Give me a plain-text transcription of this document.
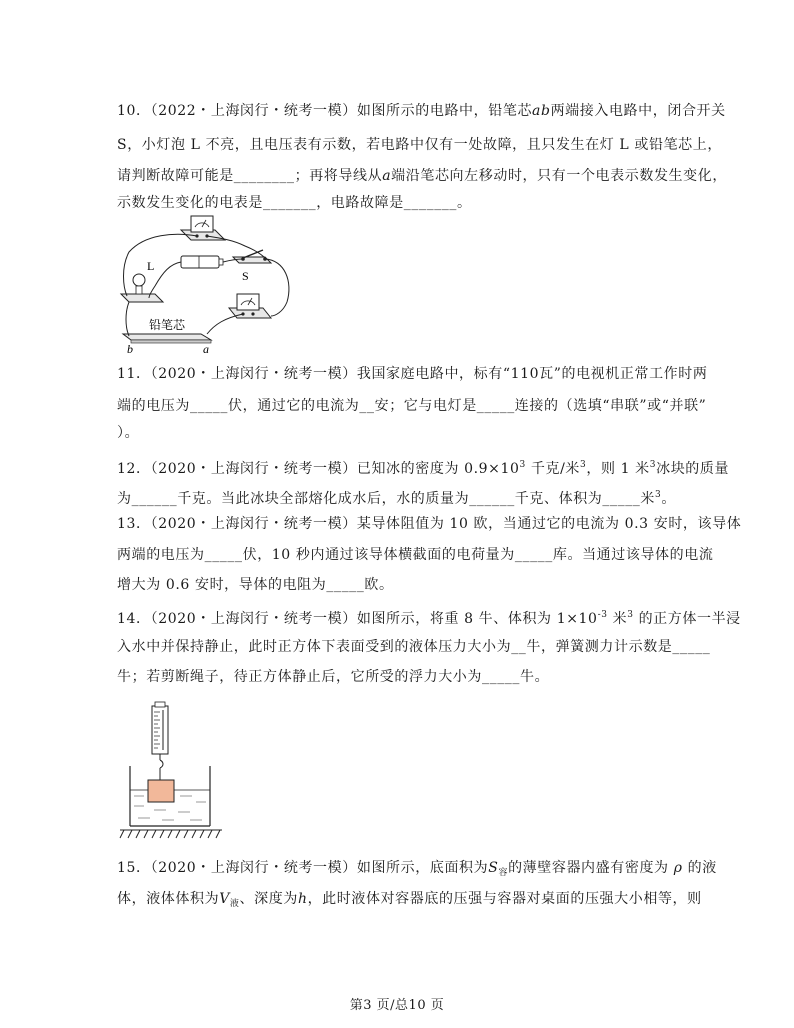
10．（2022・上海闵行・统考一模）如图所示的电路中，铅笔芯ab两端接入电路中，闭合开关
S，小灯泡 L 不亮，且电压表有示数，若电路中仅有一处故障，且只发生在灯 L 或铅笔芯上，
请判断故障可能是________；再将导线从a端沿笔芯向左移动时，只有一个电表示数发生变化，
示数发生变化的电表是_______，电路故障是_______。
S
L
铅笔芯
b	a
11．（2020・上海闵行・统考一模）我国家庭电路中，标有“110瓦”的电视机正常工作时两
端的电压为_____伏，通过它的电流为__安；它与电灯是_____连接的（选填“串联”或“并联”
）。
12．（2020・上海闵行・统考一模）已知冰的密度为 $0.9\times 10^3$ 千克/米$^3$，则 1 米$^3$冰块的质量
为______千克。当此冰块全部熔化成水后，水的质量为______千克、体积为_____米$^3$。
13．（2020・上海闵行・统考一模）某导体阻值为 10 欧，当通过它的电流为 0.3 安时，该导体
两端的电压为_____伏，10 秒内通过该导体横截面的电荷量为_____库。当通过该导体的电流
增大为 0.6 安时，导体的电阻为_____欧。
14．（2020・上海闵行・统考一模）如图所示，将重 8 牛、体积为 $1\times 10^{-3}$ 米$^3$ 的正方体一半浸
入水中并保持静止，此时正方体下表面受到的液体压力大小为__牛，弹簧测力计示数是_____
牛；若剪断绳子，待正方体静止后，它所受的浮力大小为_____牛。
15．（2020・上海闵行・统考一模）如图所示，底面积为$S_容$的薄壁容器内盛有密度为 ρ 的液
体，液体体积为$V_液$、深度为h，此时液体对容器底的压强与容器对桌面的压强大小相等，则
第3 页/总10 页
